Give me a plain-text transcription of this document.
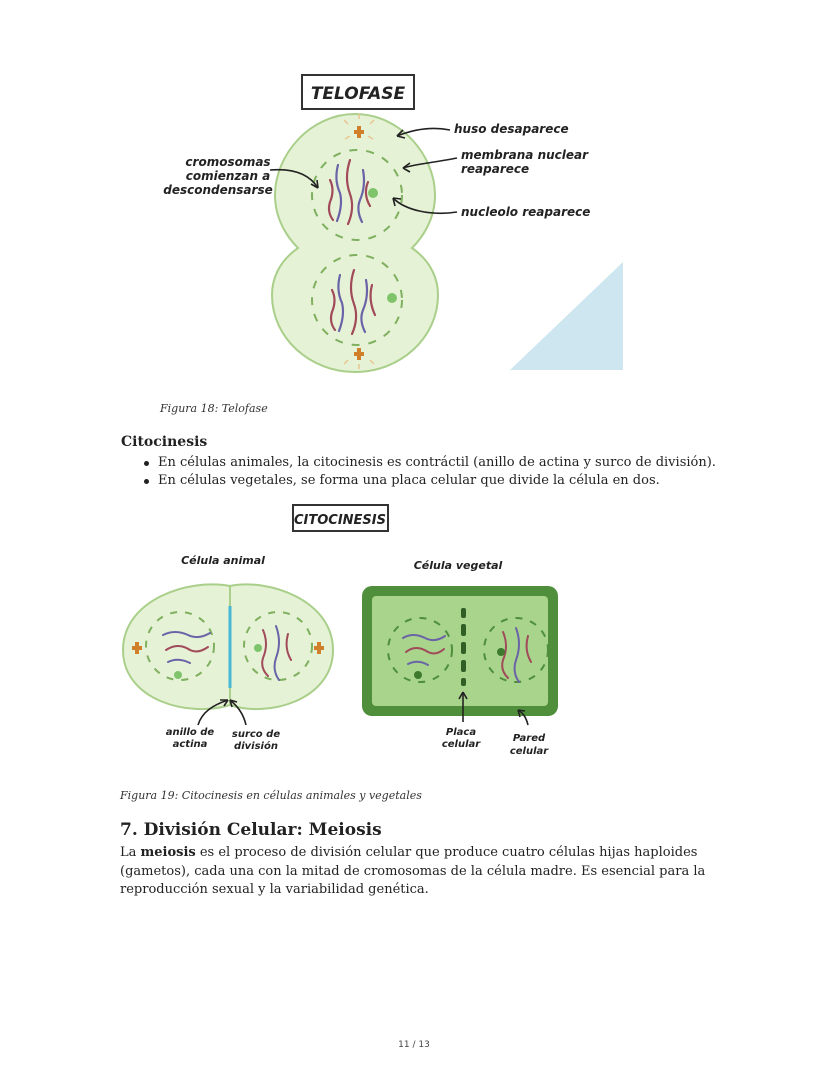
TELOFASE
huso desaparece
membrana nuclear
reaparece
nucleolo reaparece
cromosomas
comienzan a
descondensarse
Figura 18: Telofase
Citocinesis
En células animales, la citocinesis es contráctil (anillo de actina y surco de división).
En células vegetales, se forma una placa celular que divide la célula en dos.
CITOCINESIS
Célula animal	Célula vegetal
anillo de
actina
surco de
división
Placa
celular
Pared
celular
Figura 19: Citocinesis en células animales y vegetales
7. División Celular: Meiosis
La meiosis es el proceso de división celular que produce cuatro células hijas haploides
(gametos), cada una con la mitad de cromosomas de la célula madre. Es esencial para la
reproducción sexual y la variabilidad genética.
11 / 13
